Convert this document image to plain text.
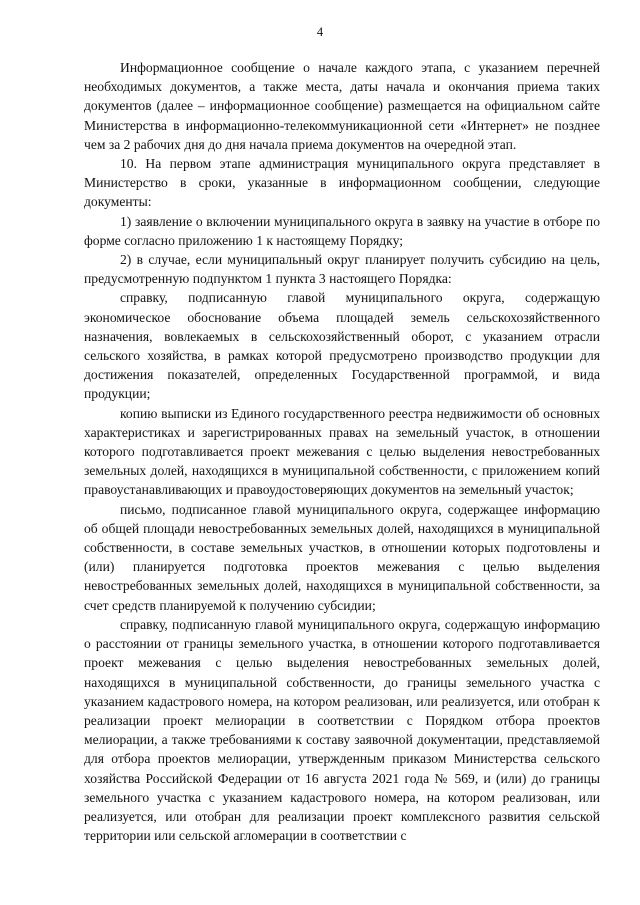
4

Информационное сообщение о начале каждого этапа, с указанием перечней необходимых документов, а также места, даты начала и окончания приема таких документов (далее – информационное сообщение) размещается на официальном сайте Министерства в информационно-телекоммуникационной сети «Интернет» не позднее чем за 2 рабочих дня до дня начала приема документов на очередной этап.

10. На первом этапе администрация муниципального округа представляет в Министерство в сроки, указанные в информационном сообщении, следующие документы:

1) заявление о включении муниципального округа в заявку на участие в отборе по форме согласно приложению 1 к настоящему Порядку;

2) в случае, если муниципальный округ планирует получить субсидию на цель, предусмотренную подпунктом 1 пункта 3 настоящего Порядка:

справку, подписанную главой муниципального округа, содержащую экономическое обоснование объема площадей земель сельскохозяйственного назначения, вовлекаемых в сельскохозяйственный оборот, с указанием отрасли сельского хозяйства, в рамках которой предусмотрено производство продукции для достижения показателей, определенных Государственной программой, и вида продукции;

копию выписки из Единого государственного реестра недвижимости об основных характеристиках и зарегистрированных правах на земельный участок, в отношении которого подготавливается проект межевания с целью выделения невостребованных земельных долей, находящихся в муниципальной собственности, с приложением копий правоустанавливающих и правоудостоверяющих документов на земельный участок;

письмо, подписанное главой муниципального округа, содержащее информацию об общей площади невостребованных земельных долей, находящихся в муниципальной собственности, в составе земельных участков, в отношении которых подготовлены и (или) планируется подготовка проектов межевания с целью выделения невостребованных земельных долей, находящихся в муниципальной собственности, за счет средств планируемой к получению субсидии;

справку, подписанную главой муниципального округа, содержащую информацию о расстоянии от границы земельного участка, в отношении которого подготавливается проект межевания с целью выделения невостребованных земельных долей, находящихся в муниципальной собственности, до границы земельного участка с указанием кадастрового номера, на котором реализован, или реализуется, или отобран к реализации проект мелиорации в соответствии с Порядком отбора проектов мелиорации, а также требованиями к составу заявочной документации, представляемой для отбора проектов мелиорации, утвержденным приказом Министерства сельского хозяйства Российской Федерации от 16 августа 2021 года № 569, и (или) до границы земельного участка с указанием кадастрового номера, на котором реализован, или реализуется, или отобран для реализации проект комплексного развития сельской территории или сельской агломерации в соответствии с
